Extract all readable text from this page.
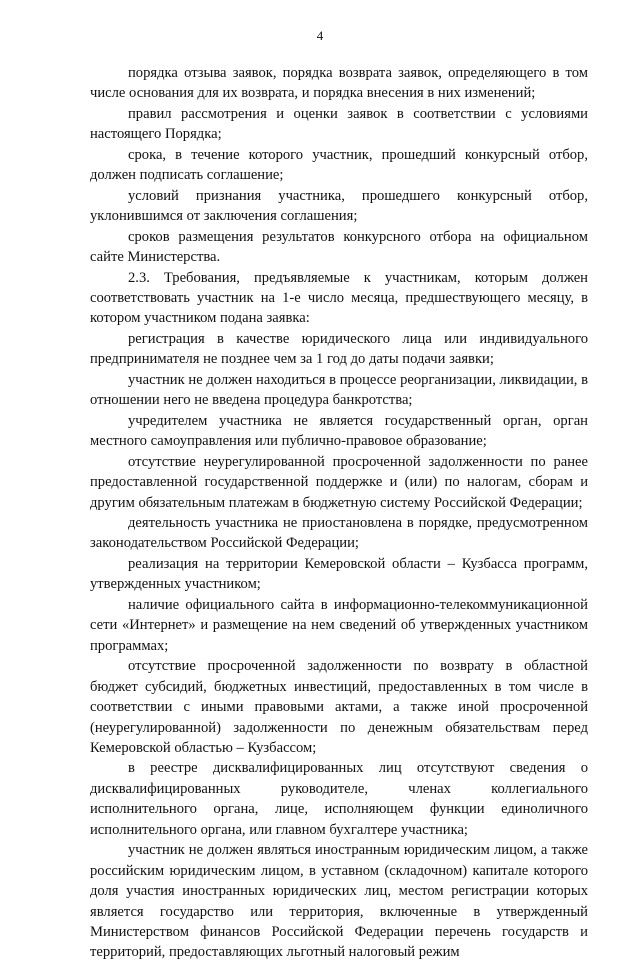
4

порядка отзыва заявок, порядка возврата заявок, определяющего в том числе основания для их возврата, и порядка внесения в них изменений;

правил рассмотрения и оценки заявок в соответствии с условиями настоящего Порядка;

срока, в течение которого участник, прошедший конкурсный отбор, должен подписать соглашение;

условий признания участника, прошедшего конкурсный отбор, уклонившимся от заключения соглашения;

сроков размещения результатов конкурсного отбора на официальном сайте Министерства.

2.3. Требования, предъявляемые к участникам, которым должен соответствовать участник на 1-е число месяца, предшествующего месяцу, в котором участником подана заявка:

регистрация в качестве юридического лица или индивидуального предпринимателя не позднее чем за 1 год до даты подачи заявки;

участник не должен находиться в процессе реорганизации, ликвидации, в отношении него не введена процедура банкротства;

учредителем участника не является государственный орган, орган местного самоуправления или публично-правовое образование;

отсутствие неурегулированной просроченной задолженности по ранее предоставленной государственной поддержке и (или) по налогам, сборам и другим обязательным платежам в бюджетную систему Российской Федерации;

деятельность участника не приостановлена в порядке, предусмотренном законодательством Российской Федерации;

реализация на территории Кемеровской области – Кузбасса программ, утвержденных участником;

наличие официального сайта в информационно-телекоммуникационной сети «Интернет» и размещение на нем сведений об утвержденных участником программах;

отсутствие просроченной задолженности по возврату в областной бюджет субсидий, бюджетных инвестиций, предоставленных в том числе в соответствии с иными правовыми актами, а также иной просроченной (неурегулированной) задолженности по денежным обязательствам перед Кемеровской областью – Кузбассом;

в реестре дисквалифицированных лиц отсутствуют сведения о дисквалифицированных руководителе, членах коллегиального исполнительного органа, лице, исполняющем функции единоличного исполнительного органа, или главном бухгалтере участника;

участник не должен являться иностранным юридическим лицом, а также российским юридическим лицом, в уставном (складочном) капитале которого доля участия иностранных юридических лиц, местом регистрации которых является государство или территория, включенные в утвержденный Министерством финансов Российской Федерации перечень государств и территорий, предоставляющих льготный налоговый режим
